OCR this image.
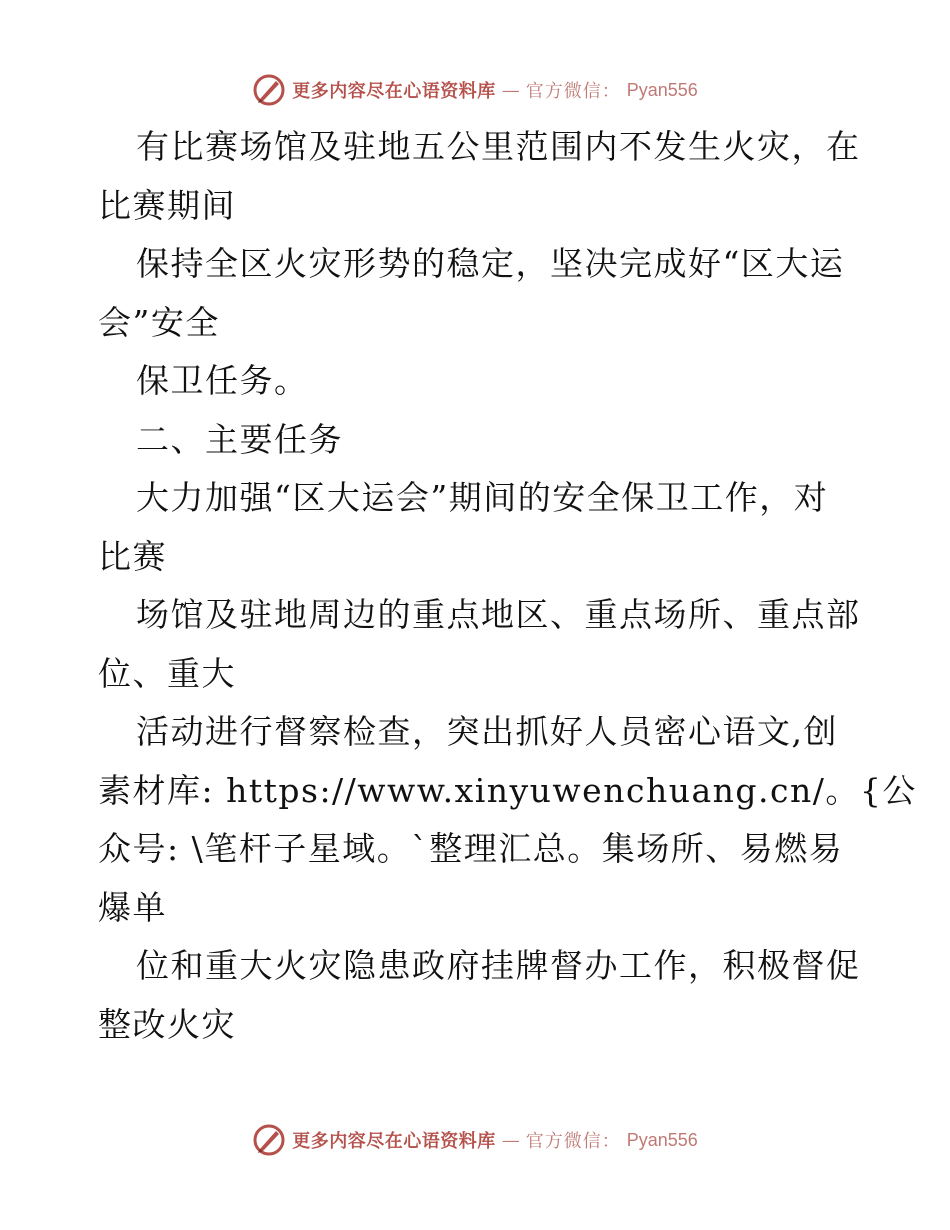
更多内容尽在心语资料库 — 官方微信： Pyan556
有比赛场馆及驻地五公里范围内不发生火灾，在
比赛期间
保持全区火灾形势的稳定，坚决完成好“区大运
会”安全
保卫任务。
二、主要任务
大力加强“区大运会”期间的安全保卫工作，对
比赛
场馆及驻地周边的重点地区、重点场所、重点部
位、重大
活动进行督察检查，突出抓好人员密心语文,创
素材库: https://www.xinyuwenchuang.cn/。{公
众号: \笔杆子星域。`整理汇总。集场所、易燃易
爆单
位和重大火灾隐患政府挂牌督办工作，积极督促
整改火灾
更多内容尽在心语资料库 — 官方微信： Pyan556
